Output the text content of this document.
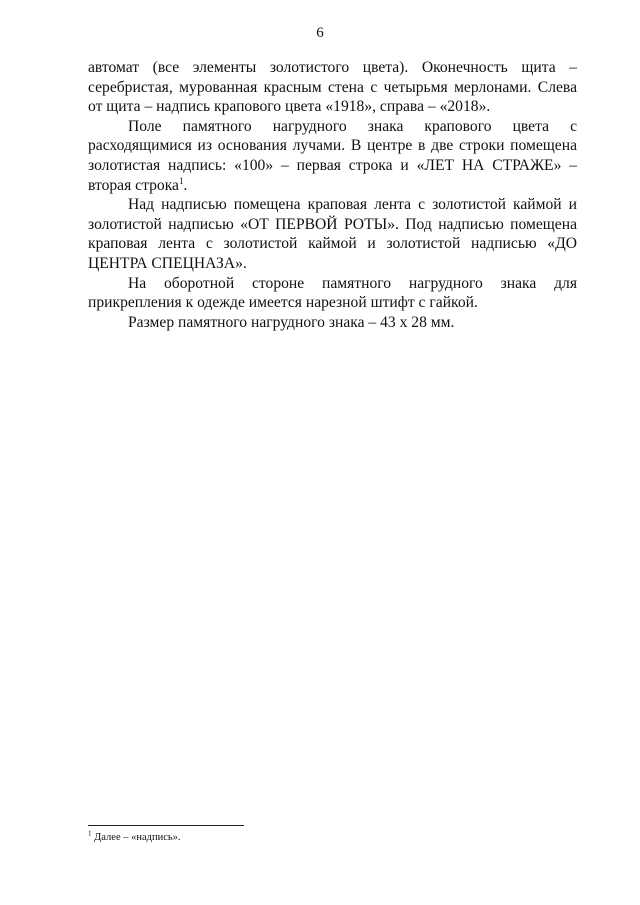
6

автомат (все элементы золотистого цвета). Оконечность щита – серебристая, мурованная красным стена с четырьмя мерлонами. Слева от щита – надпись крапового цвета «1918», справа – «2018».

Поле памятного нагрудного знака крапового цвета с расходящимися из основания лучами. В центре в две строки помещена золотистая надпись: «100» – первая строка и «ЛЕТ НА СТРАЖЕ» – вторая строка$^1$.

Над надписью помещена краповая лента с золотистой каймой и золотистой надписью «ОТ ПЕРВОЙ РОТЫ». Под надписью помещена краповая лента с золотистой каймой и золотистой надписью «ДО ЦЕНТРА СПЕЦНАЗА».

На оборотной стороне памятного нагрудного знака для прикрепления к одежде имеется нарезной штифт с гайкой.

Размер памятного нагрудного знака – 43 х 28 мм.

$^1$ Далее – «надпись».
